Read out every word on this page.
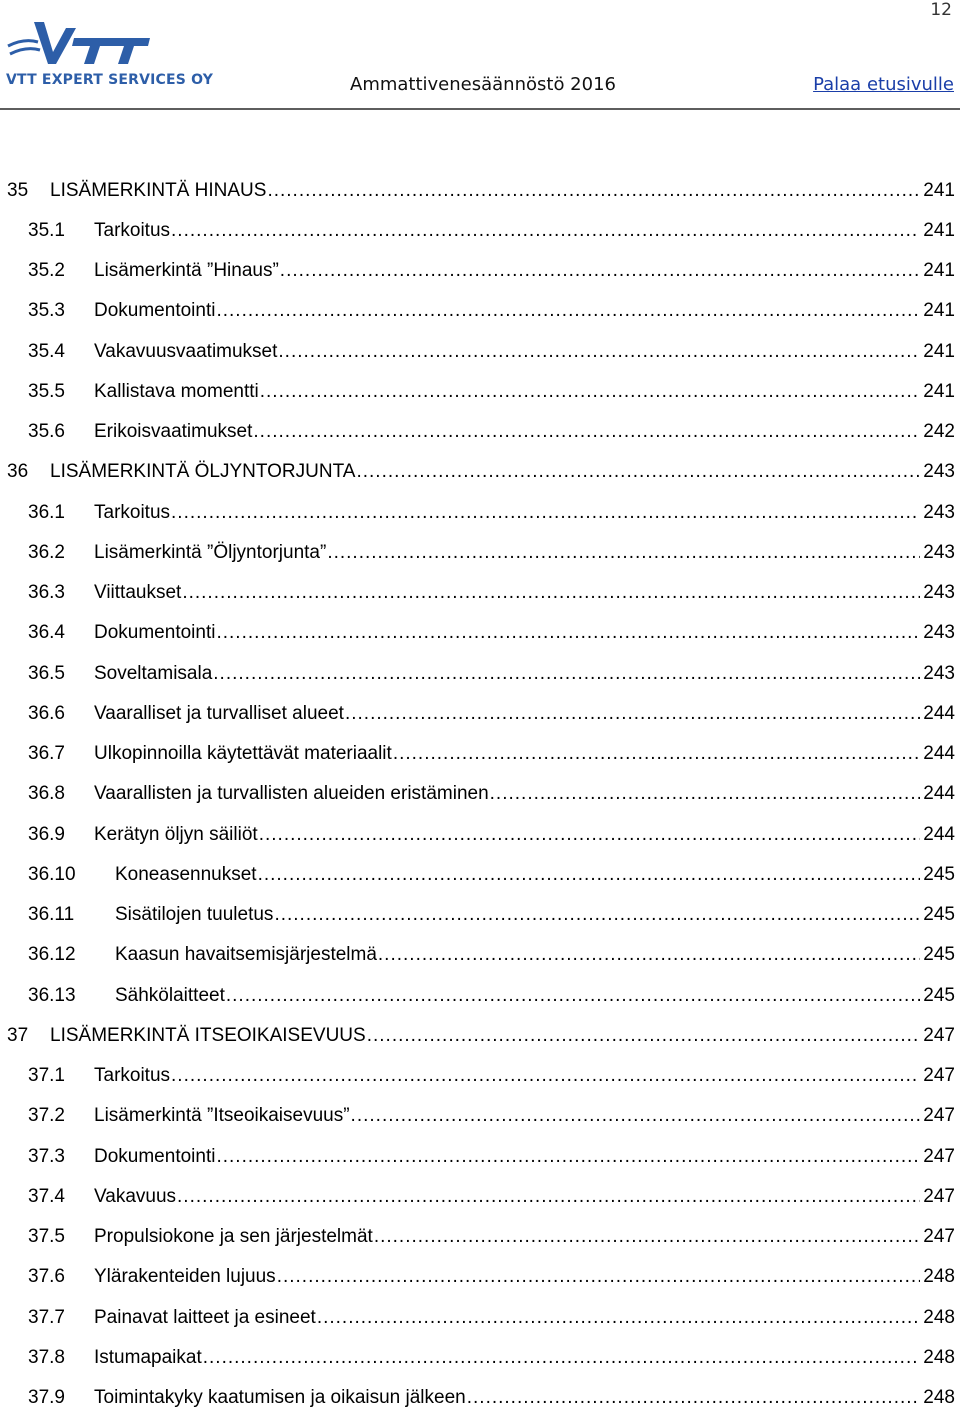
12
VTT EXPERT SERVICES OY	Ammattivenesäännöstö 2016	Palaa etusivulle
35	LISÄMERKINTÄ HINAUS .....	241
35.1	Tarkoitus .....	241
35.2	Lisämerkintä ”Hinaus” .....	241
35.3	Dokumentointi .....	241
35.4	Vakavuusvaatimukset .....	241
35.5	Kallistava momentti .....	241
35.6	Erikoisvaatimukset .....	242
36	LISÄMERKINTÄ ÖLJYNTORJUNTA .....	243
36.1	Tarkoitus .....	243
36.2	Lisämerkintä ”Öljyntorjunta” .....	243
36.3	Viittaukset .....	243
36.4	Dokumentointi .....	243
36.5	Soveltamisala .....	243
36.6	Vaaralliset ja turvalliset alueet .....	244
36.7	Ulkopinnoilla käytettävät materiaalit .....	244
36.8	Vaarallisten ja turvallisten alueiden eristäminen .....	244
36.9	Kerätyn öljyn säiliöt .....	244
36.10	Koneasennukset .....	245
36.11	Sisätilojen tuuletus .....	245
36.12	Kaasun havaitsemisjärjestelmä .....	245
36.13	Sähkölaitteet .....	245
37	LISÄMERKINTÄ ITSEOIKAISEVUUS .....	247
37.1	Tarkoitus .....	247
37.2	Lisämerkintä ”Itseoikaisevuus” .....	247
37.3	Dokumentointi .....	247
37.4	Vakavuus .....	247
37.5	Propulsiokone ja sen järjestelmät .....	247
37.6	Ylärakenteiden lujuus .....	248
37.7	Painavat laitteet ja esineet .....	248
37.8	Istumapaikat .....	248
37.9	Toimintakyky kaatumisen ja oikaisun jälkeen .....	248
